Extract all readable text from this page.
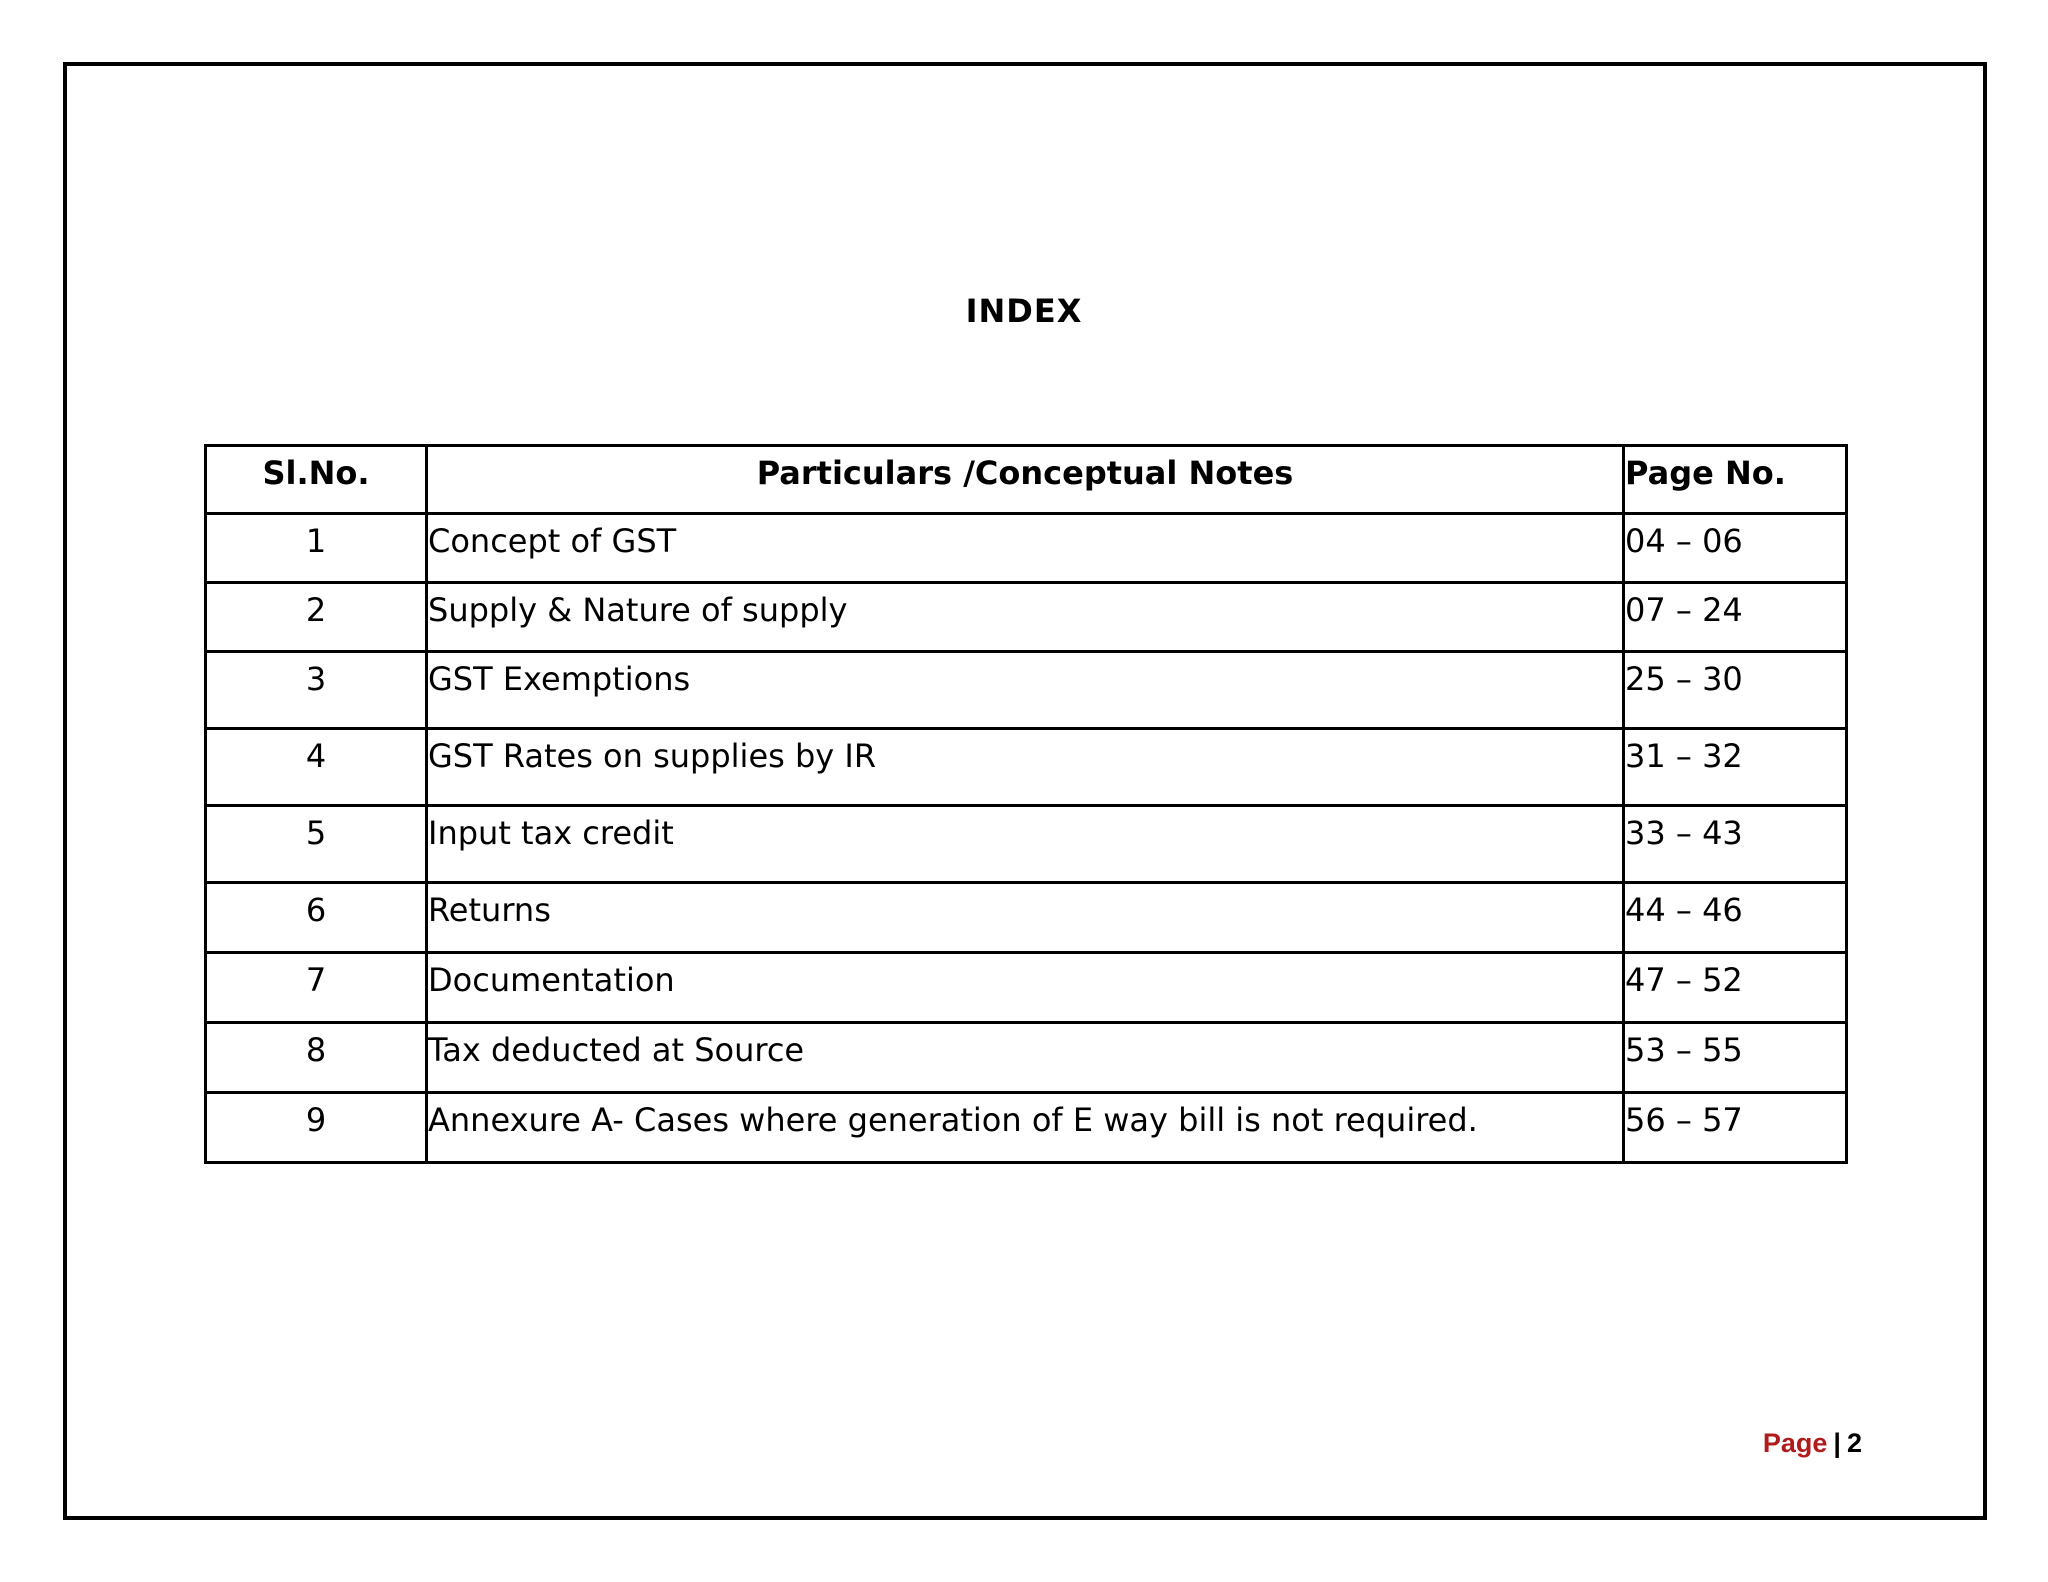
INDEX
Sl.No.	Particulars /Conceptual Notes	Page No.
1	Concept of GST	04 – 06
2	Supply & Nature of supply	07 – 24
3	GST Exemptions	25 – 30
4	GST Rates on supplies by IR	31 – 32
5	Input tax credit	33 – 43
6	Returns	44 – 46
7	Documentation	47 – 52
8	Tax deducted at Source	53 – 55
9	Annexure A- Cases where generation of E way bill is not required.	56 – 57
Page | 2
